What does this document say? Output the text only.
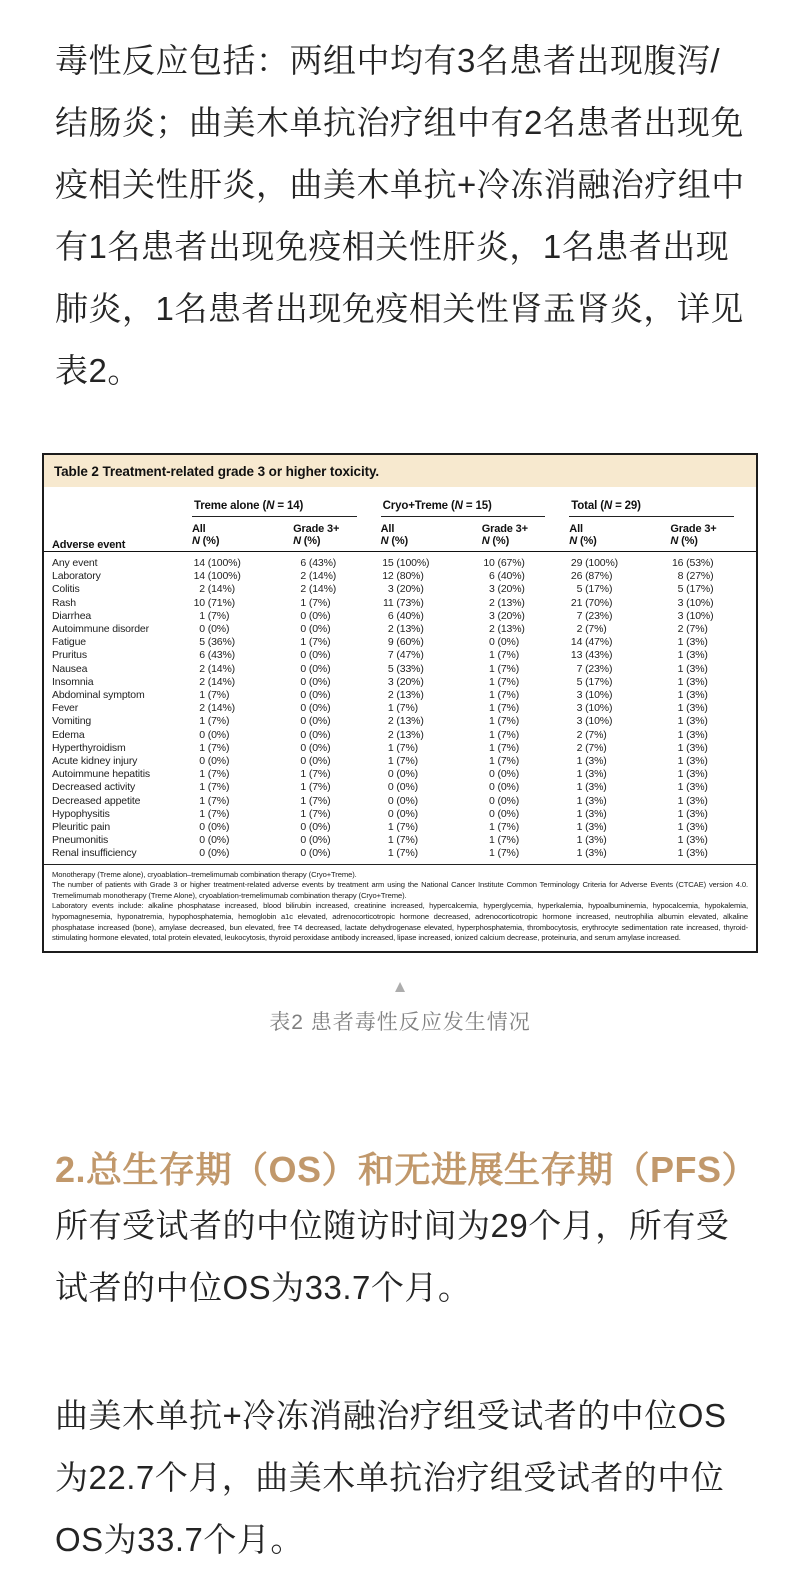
毒性反应包括：两组中均有3名患者出现腹泻/结肠炎；曲美木单抗治疗组中有2名患者出现免疫相关性肝炎，曲美木单抗+冷冻消融治疗组中有1名患者出现免疫相关性肝炎，1名患者出现肺炎，1名患者出现免疫相关性肾盂肾炎，详见表2。

Table 2 Treatment-related grade 3 or higher toxicity.
Adverse event	Treme alone (N = 14)		Cryo+Treme (N = 15)		Total (N = 29)	

	All	Grade 3+	All	Grade 3+	All	Grade 3+
	N (%)	N (%)	N (%)	N (%)	N (%)	N (%)
Any event	14 (100%)	6 (43%)	15 (100%)	10 (67%)	29 (100%)	16 (53%)
Laboratory	14 (100%)	2 (14%)	12 (80%)	6 (40%)	26 (87%)	8 (27%)
Colitis	2 (14%)	2 (14%)	3 (20%)	3 (20%)	5 (17%)	5 (17%)
Rash	10 (71%)	1 (7%)	11 (73%)	2 (13%)	21 (70%)	3 (10%)
Diarrhea	1 (7%)	0 (0%)	6 (40%)	3 (20%)	7 (23%)	3 (10%)
Autoimmune disorder	0 (0%)	0 (0%)	2 (13%)	2 (13%)	2 (7%)	2 (7%)
Fatigue	5 (36%)	1 (7%)	9 (60%)	0 (0%)	14 (47%)	1 (3%)
Pruritus	6 (43%)	0 (0%)	7 (47%)	1 (7%)	13 (43%)	1 (3%)
Nausea	2 (14%)	0 (0%)	5 (33%)	1 (7%)	7 (23%)	1 (3%)
Insomnia	2 (14%)	0 (0%)	3 (20%)	1 (7%)	5 (17%)	1 (3%)
Abdominal symptom	1 (7%)	0 (0%)	2 (13%)	1 (7%)	3 (10%)	1 (3%)
Fever	2 (14%)	0 (0%)	1 (7%)	1 (7%)	3 (10%)	1 (3%)
Vomiting	1 (7%)	0 (0%)	2 (13%)	1 (7%)	3 (10%)	1 (3%)
Edema	0 (0%)	0 (0%)	2 (13%)	1 (7%)	2 (7%)	1 (3%)
Hyperthyroidism	1 (7%)	0 (0%)	1 (7%)	1 (7%)	2 (7%)	1 (3%)
Acute kidney injury	0 (0%)	0 (0%)	1 (7%)	1 (7%)	1 (3%)	1 (3%)
Autoimmune hepatitis	1 (7%)	1 (7%)	0 (0%)	0 (0%)	1 (3%)	1 (3%)
Decreased activity	1 (7%)	1 (7%)	0 (0%)	0 (0%)	1 (3%)	1 (3%)
Decreased appetite	1 (7%)	1 (7%)	0 (0%)	0 (0%)	1 (3%)	1 (3%)
Hypophysitis	1 (7%)	1 (7%)	0 (0%)	0 (0%)	1 (3%)	1 (3%)
Pleuritic pain	0 (0%)	0 (0%)	1 (7%)	1 (7%)	1 (3%)	1 (3%)
Pneumonitis	0 (0%)	0 (0%)	1 (7%)	1 (7%)	1 (3%)	1 (3%)
Renal insufficiency	0 (0%)	0 (0%)	1 (7%)	1 (7%)	1 (3%)	1 (3%)

Monotherapy (Treme alone), cryoablation–tremelimumab combination therapy (Cryo+Treme).

The number of patients with Grade 3 or higher treatment-related adverse events by treatment arm using the National Cancer Institute Common Terminology Criteria for Adverse Events (CTCAE) version 4.0. Tremelimumab monotherapy (Treme Alone), cryoablation-tremelimumab combination therapy (Cryo+Treme).

Laboratory events include: alkaline phosphatase increased, blood bilirubin increased, creatinine increased, hypercalcemia, hyperglycemia, hyperkalemia, hypoalbuminemia, hypocalcemia, hypokalemia, hypomagnesemia, hyponatremia, hypophosphatemia, hemoglobin a1c elevated, adrenocorticotropic hormone decreased, adrenocorticotropic hormone increased, neutrophilia albumin elevated, alkaline phosphatase increased (bone), amylase decreased, bun elevated, free T4 decreased, lactate dehydrogenase elevated, hyperphosphatemia, thrombocytosis, erythrocyte sedimentation rate increased, thyroid-stimulating hormone elevated, total protein elevated, leukocytosis, thyroid peroxidase antibody increased, lipase increased, ionized calcium decrease, proteinuria, and serum amylase increased.

▲
表2 患者毒性反应发生情况
2.总生存期（OS）和无进展生存期（PFS）

所有受试者的中位随访时间为29个月，所有受试者的中位OS为33.7个月。

曲美木单抗+冷冻消融治疗组受试者的中位OS为22.7个月，曲美木单抗治疗组受试者的中位OS为33.7个月。
